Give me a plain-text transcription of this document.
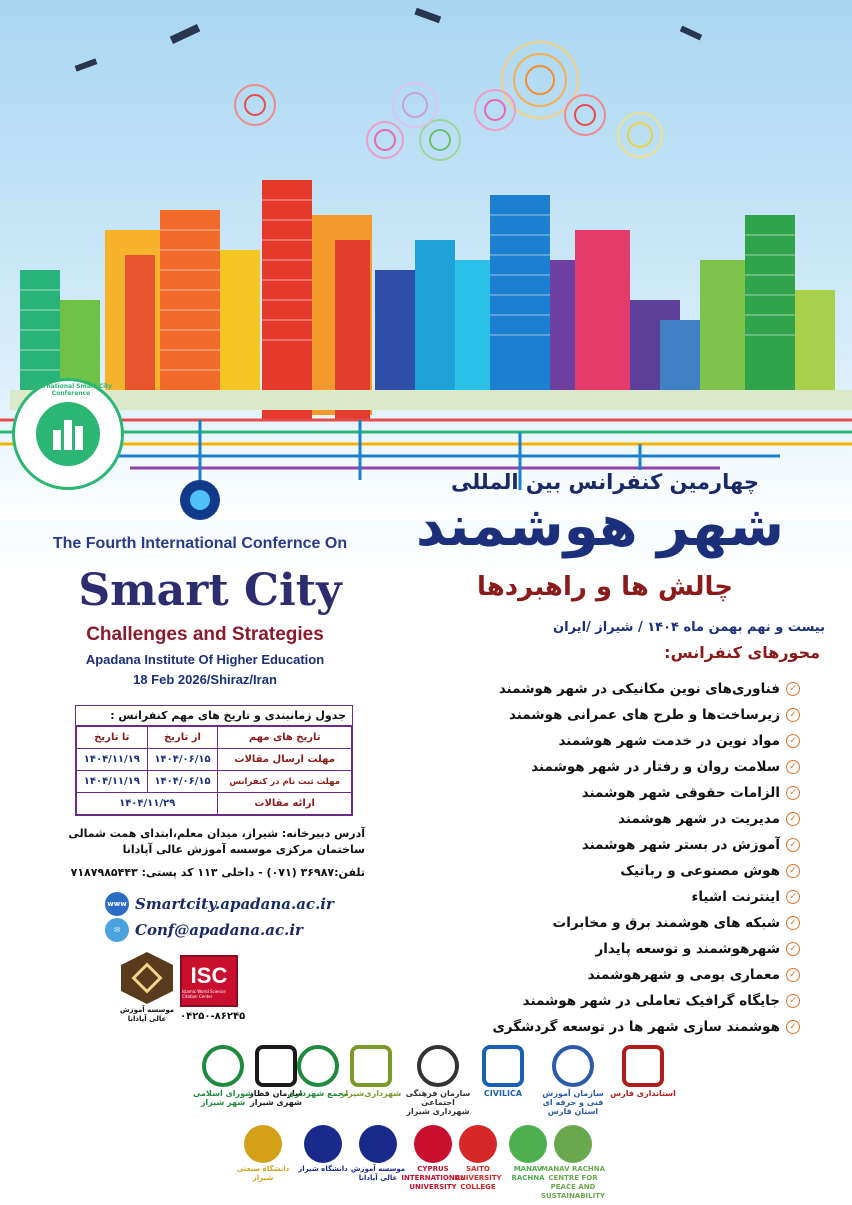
International Smart City Conference
چهارمین کنفرانس بین المللی
شهر هوشمند
چالش ها و راهبردها
بیست و نهم بهمن ماه ۱۴۰۴ / شیراز /ایران
The Fourth International Confernce On
Smart City
Challenges and Strategies
Apadana Institute Of Higher Education
18 Feb 2026/Shiraz/Iran
جدول زمانبندی و تاریخ های مهم کنفرانس :
تاریخ های مهم	از تاریخ	تا تاریخ
مهلت ارسال مقالات	۱۴۰۴/۰۶/۱۵	۱۴۰۴/۱۱/۱۹
مهلت ثبت نام در کنفرانس	۱۴۰۴/۰۶/۱۵	۱۴۰۴/۱۱/۱۹
ارائه مقالات	۱۴۰۴/۱۱/۲۹	
آدرس دبیرخانه: شیراز، میدان معلم،ابتدای همت شمالی
ساختمان مرکزی موسسه آموزش عالی آپادانا
تلفن:۳۶۹۸۷ (۰۷۱) - داخلی ۱۱۳ کد پستی: ۷۱۸۷۹۸۵۴۴۳
www Smartcity.apadana.ac.ir
✉	Conf@apadana.ac.ir
موسسه آموزش عالی آپادانا
ISC
Islamic World Science Citation Center
۰۴۲۵۰-۸۶۲۴۵
محورهای کنفرانس:
✓
فناوری‌های نوین مکانیکی در شهر هوشمند
✓
زیرساخت‌ها و طرح های عمرانی هوشمند
✓
مواد نوین در خدمت شهر هوشمند
✓
سلامت روان و رفتار در شهر هوشمند
✓
الزامات حقوقی شهر هوشمند
✓
مدیریت در شهر هوشمند
✓
آموزش در بستر شهر هوشمند
✓
هوش مصنوعی و رباتیک
✓
اینترنت اشیاء
✓
شبکه های هوشمند برق و مخابرات
✓
شهرهوشمند و توسعه پایدار
✓
معماری بومی و شهرهوشمند
✓
جایگاه گرافیک تعاملی در شهر هوشمند
✓
هوشمند سازی شهر ها در توسعه گردشگری
شورای اسلامی شهر شیراز
سازمان قطار شهری شیراز
مجمع شهرداری
شهرداری‌شیراز سازمان فرهنگی اجتماعی شهرداری شیراز
CIVILICA	سازمان آموزش فنی و حرفه ای استان فارس
استانداری فارس
دانشگاه صنعتی شیراز
دانشگاه شیراز موسسه آموزش عالی آپادانا
CYPRUS INTERNATIONAL UNIVERSITY
SAITO UNIVERSITY COLLEGE
MANAV RACHNA
MANAV RACHNA CENTRE FOR PEACE AND SUSTAINABILITY
